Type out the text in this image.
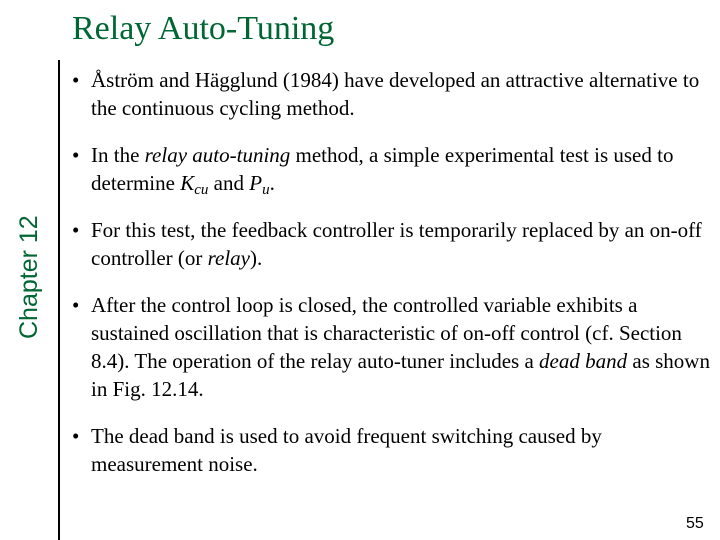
Relay Auto-Tuning
Chapter 12
• Åström and Hägglund (1984) have developed an attractive alternative to the continuous cycling method.
• In the relay auto-tuning method, a simple experimental test is used to determine $K_{cu}$ and $P_u$.
• For this test, the feedback controller is temporarily replaced by an on-off controller (or relay).
• After the control loop is closed, the controlled variable exhibits a sustained oscillation that is characteristic of on-off control (cf. Section 8.4). The operation of the relay auto-tuner includes a dead band as shown in Fig. 12.14.
• The dead band is used to avoid frequent switching caused by measurement noise.
55
